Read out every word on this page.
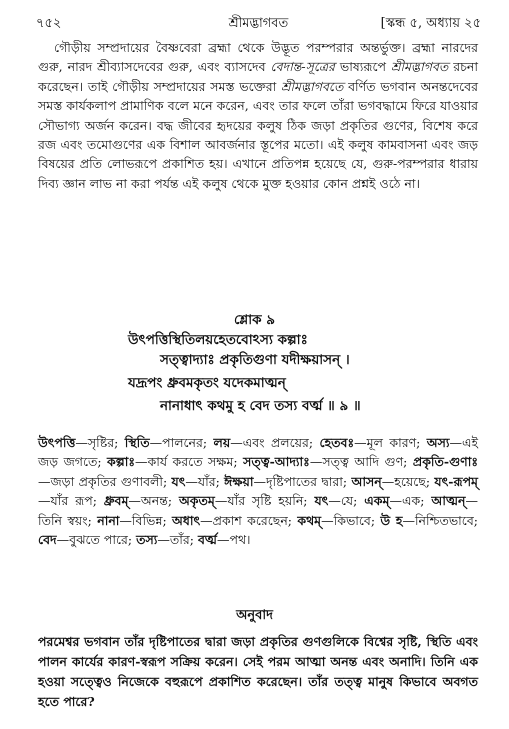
৭৫২	শ্রীমদ্ভাগবত	[স্কন্ধ ৫, অধ্যায় ২৫
গৌড়ীয় সম্প্রদায়ের বৈষ্ণবেরা ব্রহ্মা থেকে উদ্ভূত পরম্পরার অন্তর্ভুক্ত। ব্রহ্মা নারদের গুরু, নারদ শ্রীব্যাসদেবের গুরু, এবং ব্যাসদেব বেদান্ত-সূত্রের ভাষ্যরূপে শ্রীমদ্ভাগবত রচনা করেছেন। তাই গৌড়ীয় সম্প্রদায়ের সমস্ত ভক্তেরা শ্রীমদ্ভাগবতে বর্ণিত ভগবান অনন্তদেবের সমস্ত কার্যকলাপ প্রামাণিক বলে মনে করেন, এবং তার ফলে তাঁরা ভগবদ্ধামে ফিরে যাওয়ার সৌভাগ্য অর্জন করেন। বদ্ধ জীবের হৃদয়ের কলুষ ঠিক জড়া প্রকৃতির গুণের, বিশেষ করে রজ এবং তমোগুণের এক বিশাল আবর্জনার স্তূপের মতো। এই কলুষ কামবাসনা এবং জড় বিষয়ের প্রতি লোভরূপে প্রকাশিত হয়। এখানে প্রতিপন্ন হয়েছে যে, গুরু-পরম্পরার ধারায় দিব্য জ্ঞান লাভ না করা পর্যন্ত এই কলুষ থেকে মুক্ত হওয়ার কোন প্রশ্নই ওঠে না।
শ্লোক ৯
উৎপত্তিস্থিতিলয়হেতবোঽস্য কল্পাঃ
সত্ত্বাদ্যাঃ প্রকৃতিগুণা যদীক্ষয়াসন্ ।
যদ্রূপং ধ্রুবমকৃতং যদেকমাত্মন্
নানাধাৎ কথমু হ বেদ তস্য বর্ত্ম ॥ ৯ ॥
উৎপত্তি—সৃষ্টির; স্থিতি—পালনের; লয়—এবং প্রলয়ের; হেতবঃ—মূল কারণ; অস্য—এই জড় জগতে; কল্পাঃ—কার্য করতে সক্ষম; সত্ত্ব-আদ্যাঃ—সত্ত্ব আদি গুণ; প্রকৃতি-গুণাঃ—জড়া প্রকৃতির গুণাবলী; যৎ—যাঁর; ঈক্ষয়া—দৃষ্টিপাতের দ্বারা; আসন্—হয়েছে; যৎ-রূপম্—যাঁর রূপ; ধ্রুবম্—অনন্ত; অকৃতম্—যাঁর সৃষ্টি হয়নি; যৎ—যে; একম্—এক; আত্মন্—তিনি স্বয়ং; নানা—বিভিন্ন; অধাৎ—প্রকাশ করেছেন; কথম্—কিভাবে; উ হ—নিশ্চিতভাবে; বেদ—বুঝতে পারে; তস্য—তাঁর; বর্ত্ম—পথ।
অনুবাদ
পরমেশ্বর ভগবান তাঁর দৃষ্টিপাতের দ্বারা জড়া প্রকৃতির গুণগুলিকে বিশ্বের সৃষ্টি, স্থিতি এবং পালন কার্যের কারণ-স্বরূপ সক্রিয় করেন। সেই পরম আত্মা অনন্ত এবং অনাদি। তিনি এক হওয়া সত্ত্বেও নিজেকে বহুরূপে প্রকাশিত করেছেন। তাঁর তত্ত্ব মানুষ কিভাবে অবগত হতে পারে?
